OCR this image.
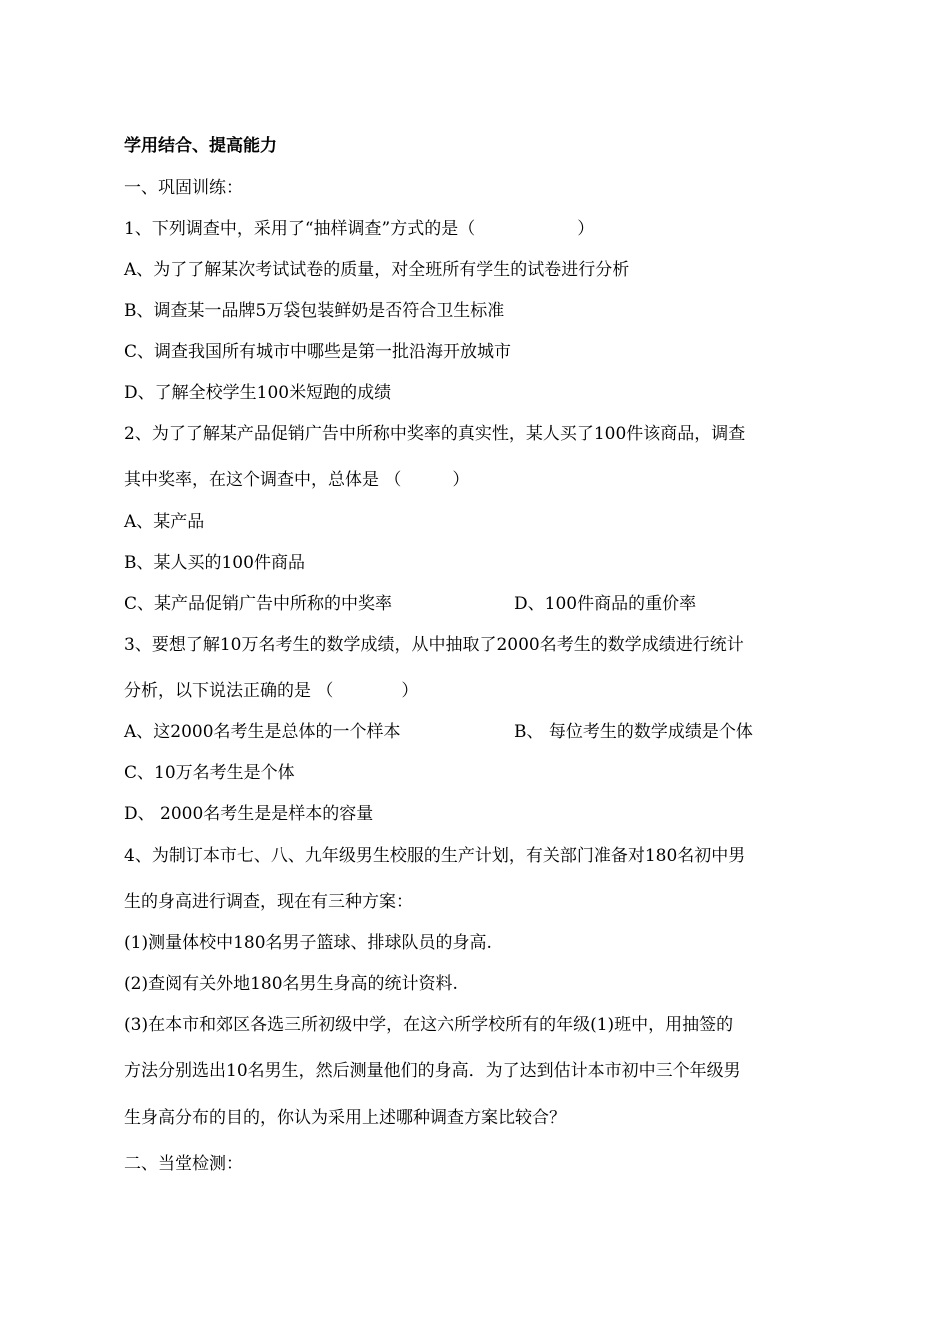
学用结合、提高能力
一、巩固训练：
1、下列调查中，采用了“抽样调查”方式的是（　　　　　　）
A、为了了解某次考试试卷的质量，对全班所有学生的试卷进行分析
B、调查某一品牌5万袋包装鲜奶是否符合卫生标准
C、调查我国所有城市中哪些是第一批沿海开放城市
D、了解全校学生100米短跑的成绩
2、为了了解某产品促销广告中所称中奖率的真实性，某人买了100件该商品，调查
其中奖率，在这个调查中，总体是 （　　　）
A、某产品
B、某人买的100件商品
C、某产品促销广告中所称的中奖率	D、100件商品的重价率
3、要想了解10万名考生的数学成绩，从中抽取了2000名考生的数学成绩进行统计
分析，以下说法正确的是 （　　　　）
A、这2000名考生是总体的一个样本	B、 每位考生的数学成绩是个体
C、10万名考生是个体
D、 2000名考生是是样本的容量
4、为制订本市七、八、九年级男生校服的生产计划，有关部门准备对180名初中男
生的身高进行调查，现在有三种方案：
(1)测量体校中180名男子篮球、排球队员的身高.
(2)查阅有关外地180名男生身高的统计资料.
(3)在本市和郊区各选三所初级中学，在这六所学校所有的年级(1)班中，用抽签的
方法分别选出10名男生，然后测量他们的身高．为了达到估计本市初中三个年级男
生身高分布的目的，你认为采用上述哪种调查方案比较合？
二、当堂检测：
